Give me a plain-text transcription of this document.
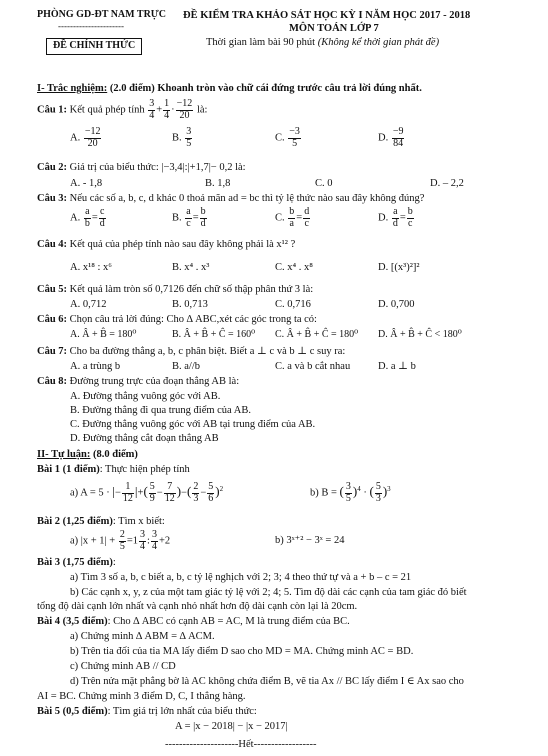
PHÒNG GD-ĐT NAM TRỰC
----------------------
ĐỀ CHÍNH THỨC
ĐỀ KIỂM TRA KHẢO SÁT HỌC KỲ I NĂM HỌC 2017 - 2018
MÔN TOÁN LỚP 7
Thời gian làm bài 90 phút (Không kể thời gian phát đề)
I- Trắc nghiệm: (2.0 điểm) Khoanh tròn vào chữ cái đứng trước câu trả lời đúng nhất.
Câu 1: Kết quả phép tính $\frac{3}{4} + \frac{1}{4} \cdot \frac{-12}{20}$ là:
A. $\frac{-12}{20}$	B. $\frac{3}{5}$	C. $\frac{-3}{5}$	D. $\frac{-9}{84}$
Câu 2: Giá trị của biểu thức: |−3,4|:|+1,7|− 0,2 là:
A. - 1,8	B. 1,8	C. 0	D. – 2,2
Câu 3: Nếu các số a, b, c, d khác 0 thoả mãn ad = bc thì tỷ lệ thức nào sau đây không đúng?
A. $\frac{a}{b} = \frac{c}{d}$	B. $\frac{a}{c} = \frac{b}{d}$	C. $\frac{b}{a} = \frac{d}{c}$	D. $\frac{a}{d} = \frac{b}{c}$
Câu 4: Kết quả của phép tính nào sau đây không phải là x¹² ?
A. x¹⁸ : x⁶	B. x⁴ . x³	C. x⁴ . x⁸	D. [(x³)²]²
Câu 5: Kết quả làm tròn số 0,7126 đến chữ số thập phân thứ 3 là:
A. 0,712	B. 0,713	C. 0,716	D. 0,700
Câu 6: Chọn câu trả lời đúng: Cho ∆ ABC,xét các góc trong ta có:
A. Â + B̂ = 180⁰	B. Â + B̂ + Ĉ = 160⁰ C. Â + B̂ + Ĉ = 180⁰ D. Â + B̂ + Ĉ < 180⁰
Câu 7: Cho ba đường thẳng a, b, c phân biệt. Biết a ⊥ c và b ⊥ c suy ra:
A. a trùng b	B. a//b	C. a và b cắt nhau	D. a ⊥ b
Câu 8: Đường trung trực của đoạn thẳng AB là:
A. Đường thẳng vuông góc với AB.
B. Đường thẳng đi qua trung điểm của AB.
C. Đường thẳng vuông góc với AB tại trung điểm của AB.
D. Đường thẳng cắt đoạn thẳng AB
II- Tự luận: (8.0 điểm)
Bài 1 (1 điểm): Thực hiện phép tính
a) A = 5 · |− $\frac{1}{12}$ |+( $\frac{5}{9} - \frac{7}{12}$ )−( $\frac{2}{3} - \frac{5}{6} )^2$	b) B = ( $\frac{3}{5} )^4$ · ( $\frac{5}{3} )^3$
Bài 2 (1,25 điểm): Tìm x biết:
a) $|x + 1| + \frac{2}{5} =1 \frac{3}{4}$ : $\frac{3}{4} +2$	b) 3ˣ⁺² − 3ˣ = 24
Bài 3 (1,75 điểm):
a) Tìm 3 số a, b, c biết a, b, c tỷ lệ nghịch với 2; 3; 4 theo thứ tự và a + b – c = 21
b) Các cạnh x, y, z của một tam giác tỷ lệ với 2; 4; 5. Tìm độ dài các cạnh của tam giác đó biết
tổng độ dài cạnh lớn nhất và cạnh nhỏ nhất hơn độ dài cạnh còn lại là 20cm.
Bài 4 (3,5 điểm): Cho ∆ ABC có cạnh AB = AC, M là trung điểm của BC.
a) Chứng minh ∆ ABM = ∆ ACM.
b) Trên tia đối của tia MA lấy điểm D sao cho MD = MA. Chứng minh AC = BD.
c) Chứng minh AB // CD
d) Trên nửa mặt phẳng bờ là AC không chứa điểm B, vẽ tia Ax // BC lấy điểm I ∈ Ax sao cho
AI = BC. Chứng minh 3 điểm D, C, I thẳng hàng.
Bài 5 (0,5 điểm): Tìm giá trị lớn nhất của biểu thức:
A = |x − 2018| − |x − 2017|
---------------------Hết------------------
